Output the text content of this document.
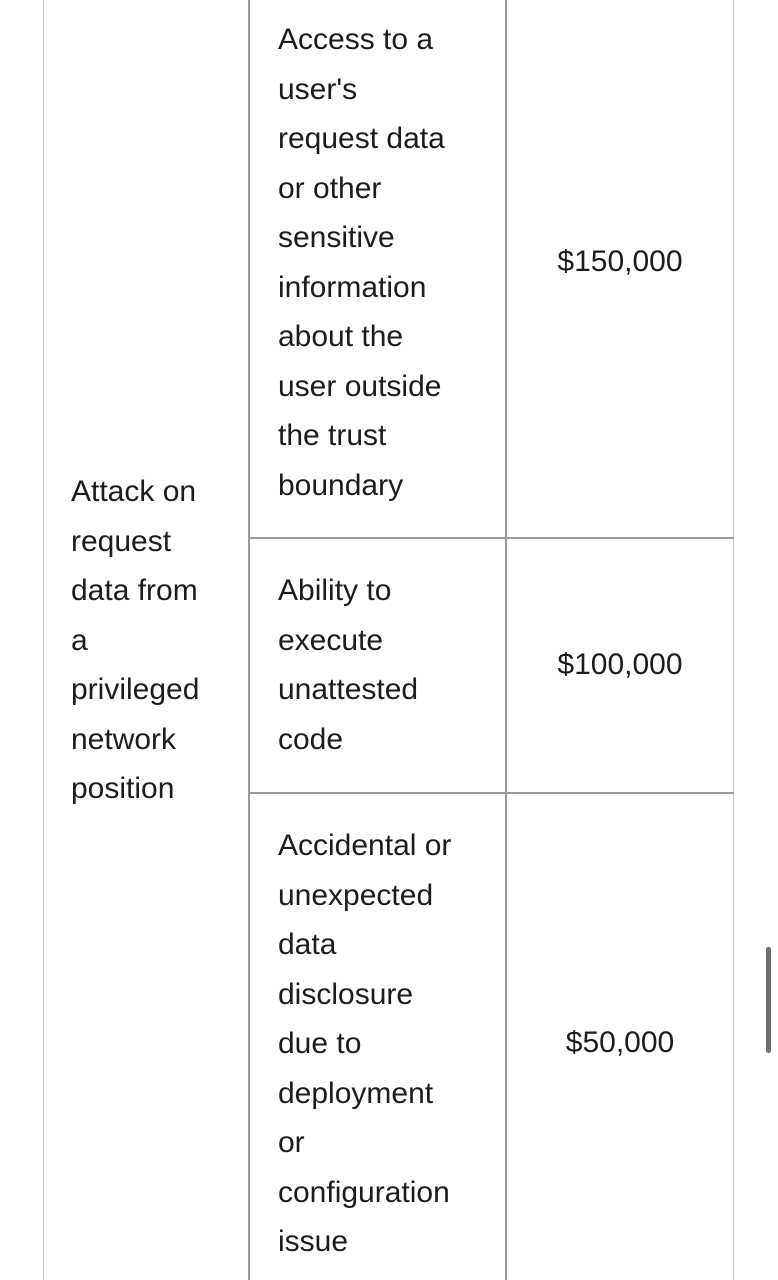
Attack on
request
data from
a
privileged
network
position

Access to a
user's
request data
or other
sensitive
information
about the
user outside
the trust
boundary

$150,000

Ability to
execute
unattested
code

$100,000

Accidental or
unexpected
data
disclosure
due to
deployment
or
configuration
issue

$50,000
